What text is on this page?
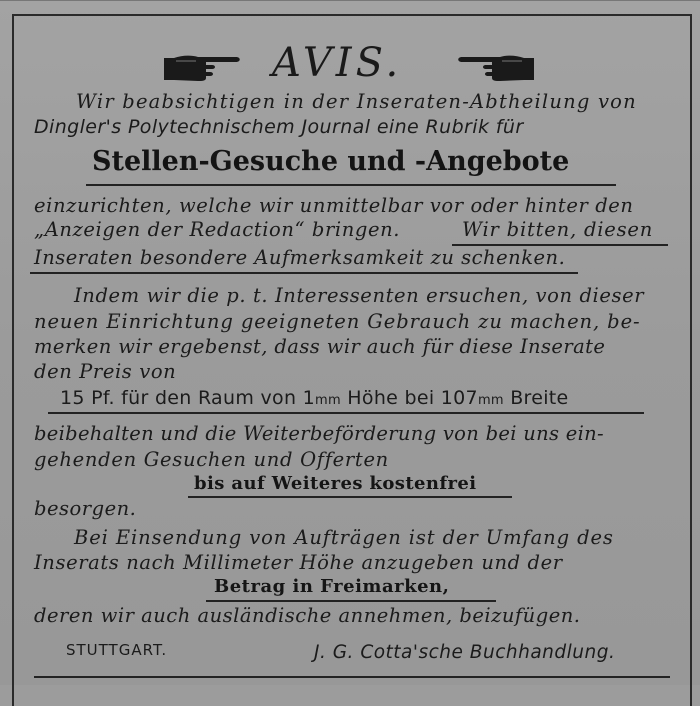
AVIS.
Wir beabsichtigen in der Inseraten-Abtheilung von
Dingler's Polytechnischem Journal eine Rubrik für
Stellen-Gesuche und -Angebote
einzurichten, welche wir unmittelbar vor oder hinter den
„Anzeigen der Redaction“ bringen.	Wir bitten, diesen
Inseraten besondere Aufmerksamkeit zu schenken.
Indem wir die p. t. Interessenten ersuchen, von dieser
neuen Einrichtung geeigneten Gebrauch zu machen, be-
merken wir ergebenst, dass wir auch für diese Inserate
den Preis von
15 Pf. für den Raum von 1mm Höhe bei 107mm Breite
beibehalten und die Weiterbeförderung von bei uns ein-
gehenden Gesuchen und Offerten
bis auf Weiteres kostenfrei
besorgen.
Bei Einsendung von Aufträgen ist der Umfang des
Inserats nach Millimeter Höhe anzugeben und der
Betrag in Freimarken,
deren wir auch ausländische annehmen, beizufügen.
STUTTGART.	J. G. Cotta'sche Buchhandlung.
